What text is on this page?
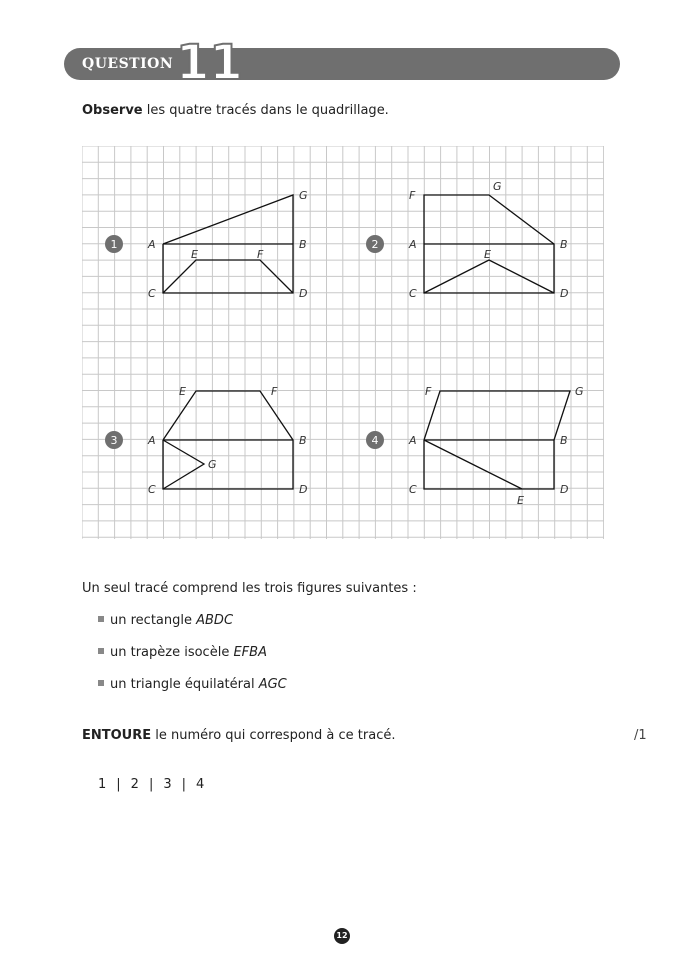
QUESTION 11
Observe les quatre tracés dans le quadrillage.
A	B
C	D
E	F
G
A	B
C	D
E
F
G
A	B
C	D
E	F
G
A	B
C	D
E
F	G
1	2
3	4
Un seul tracé comprend les trois figures suivantes :
un rectangle ABDC
un trapèze isocèle EFBA
un triangle équilatéral AGC
ENTOURE le numéro qui correspond à ce tracé.	/1
1 | 2 | 3 | 4
12
